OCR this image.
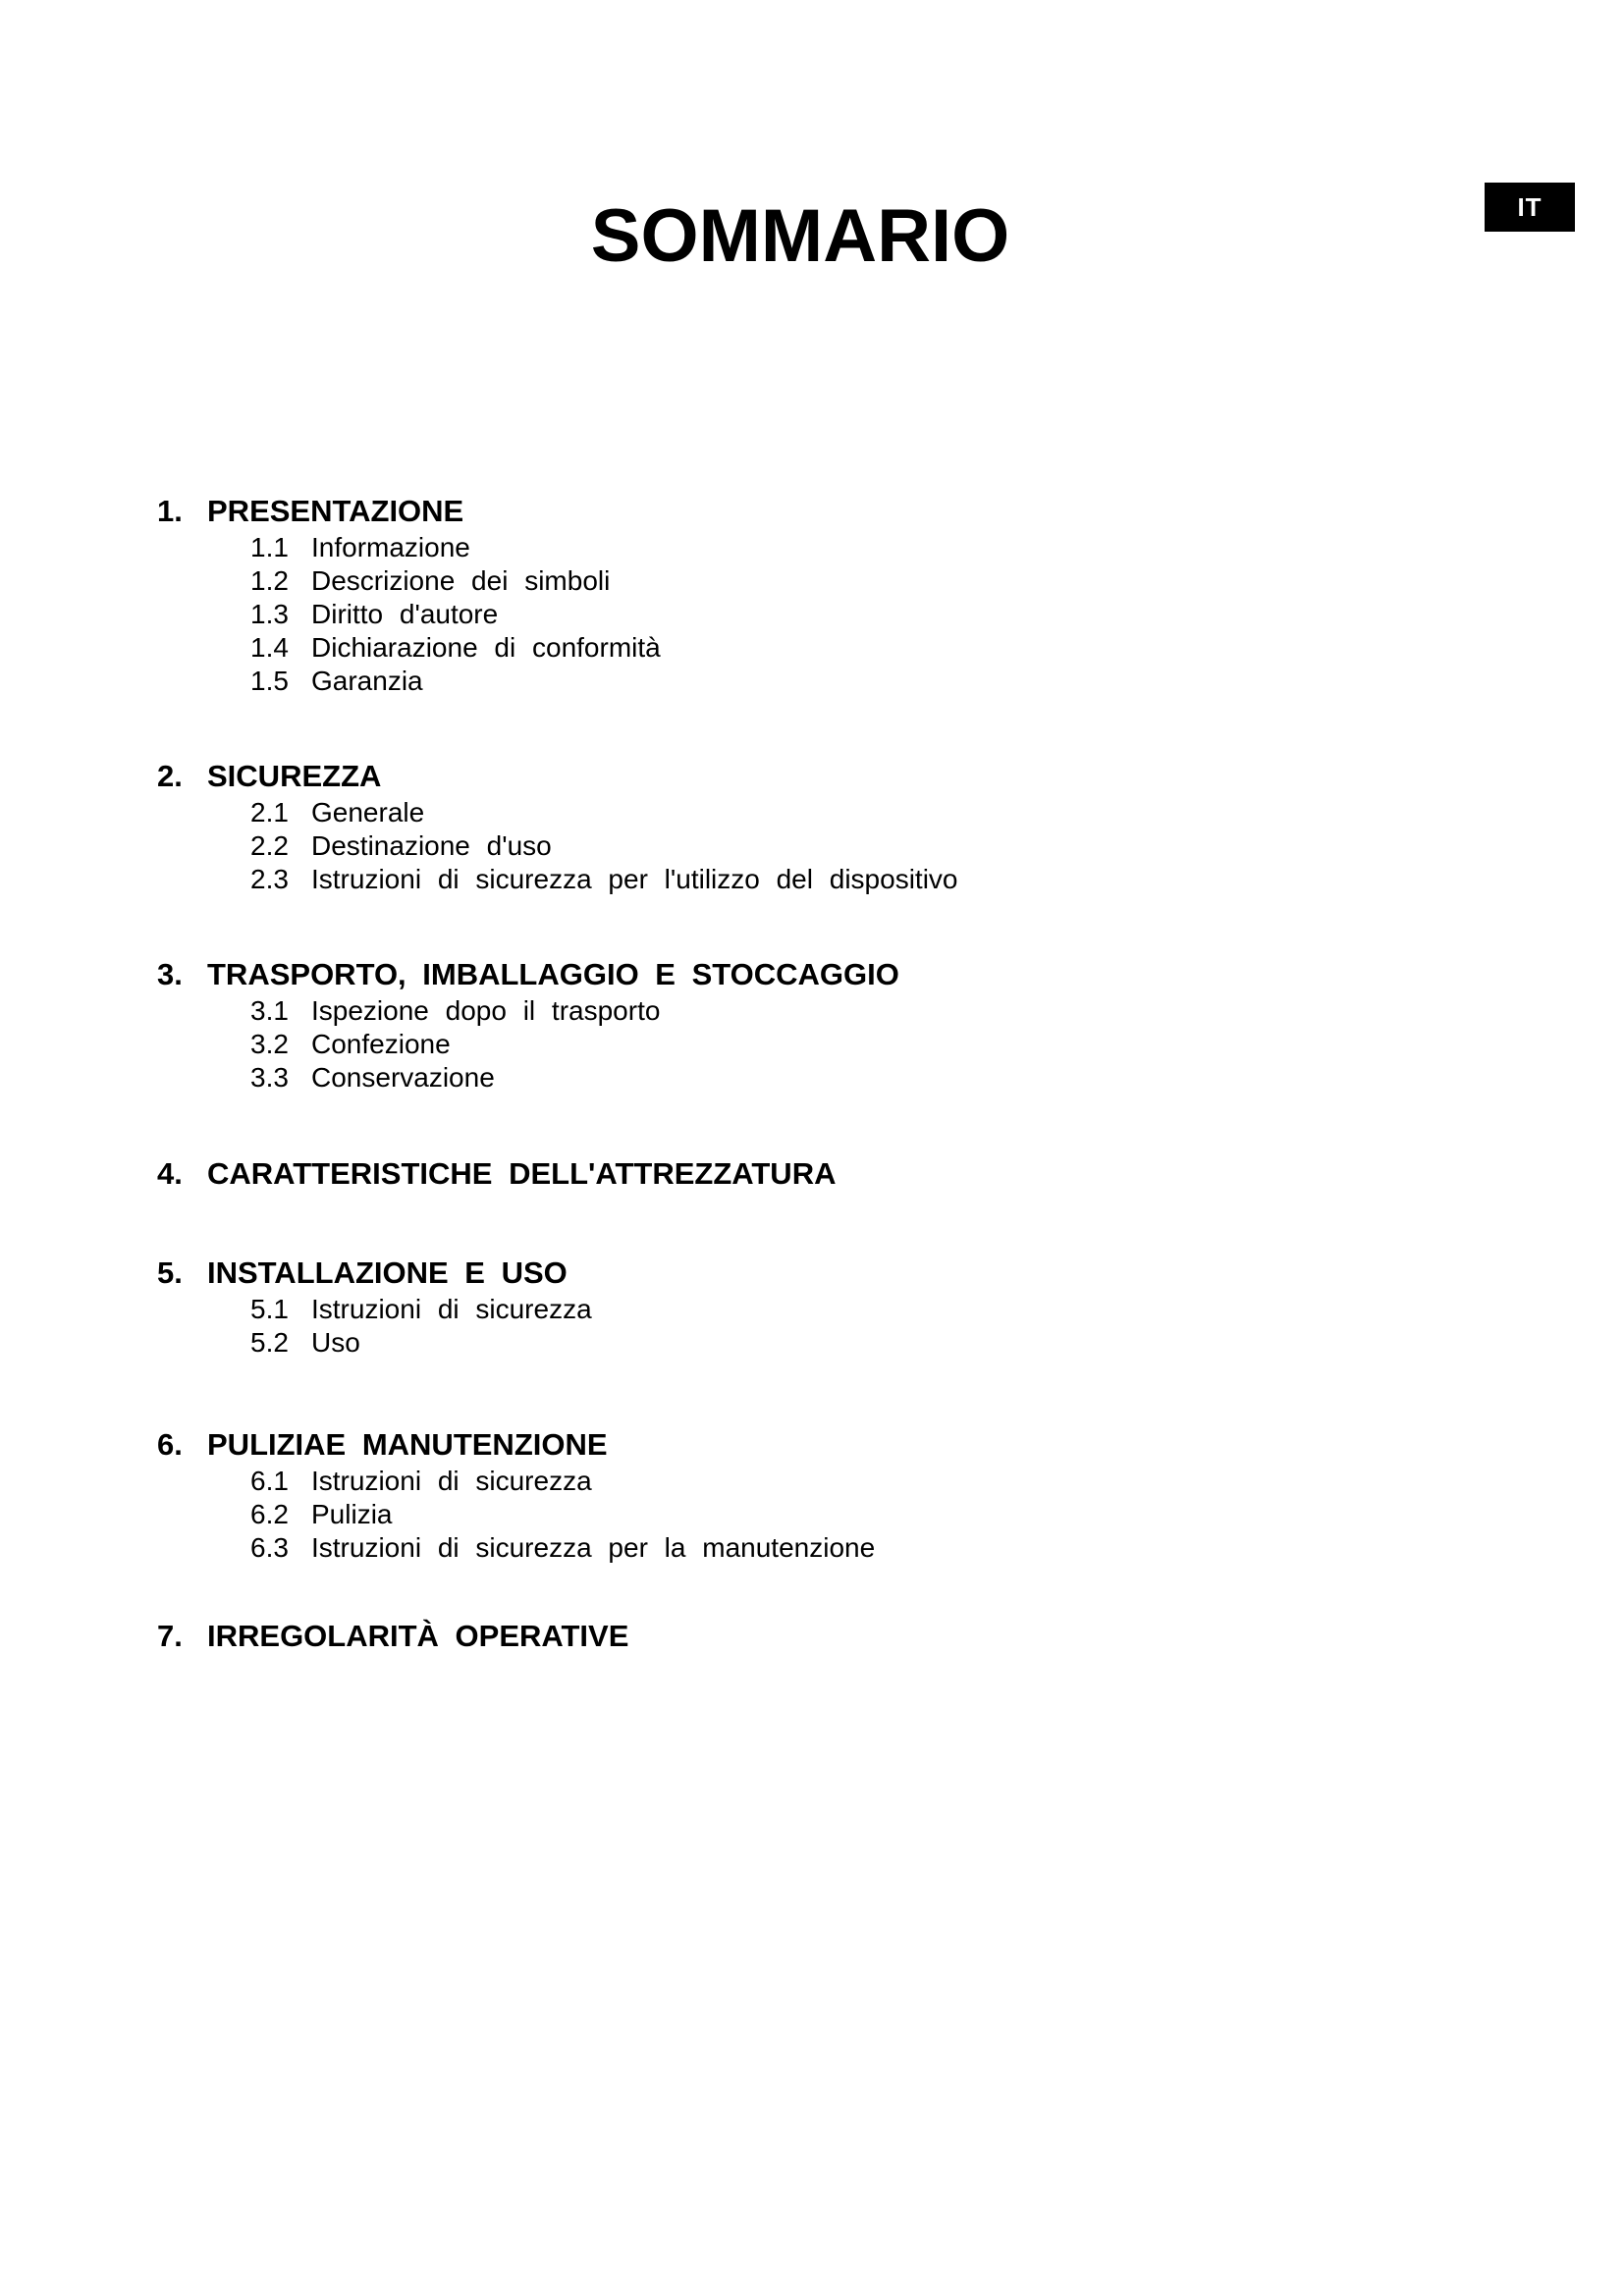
IT
SOMMARIO
1. PRESENTAZIONE
1.1 Informazione
1.2 Descrizione dei simboli
1.3 Diritto d'autore
1.4 Dichiarazione di conformità
1.5 Garanzia
2. SICUREZZA
2.1 Generale
2.2 Destinazione d'uso
2.3 Istruzioni di sicurezza per l'utilizzo del dispositivo
3. TRASPORTO, IMBALLAGGIO E STOCCAGGIO
3.1 Ispezione dopo il trasporto
3.2 Confezione
3.3 Conservazione
4. CARATTERISTICHE DELL'ATTREZZATURA
5. INSTALLAZIONE E USO
5.1 Istruzioni di sicurezza
5.2 Uso
6. PULIZIAE MANUTENZIONE
6.1 Istruzioni di sicurezza
6.2 Pulizia
6.3 Istruzioni di sicurezza per la manutenzione
7. IRREGOLARITÀ OPERATIVE
